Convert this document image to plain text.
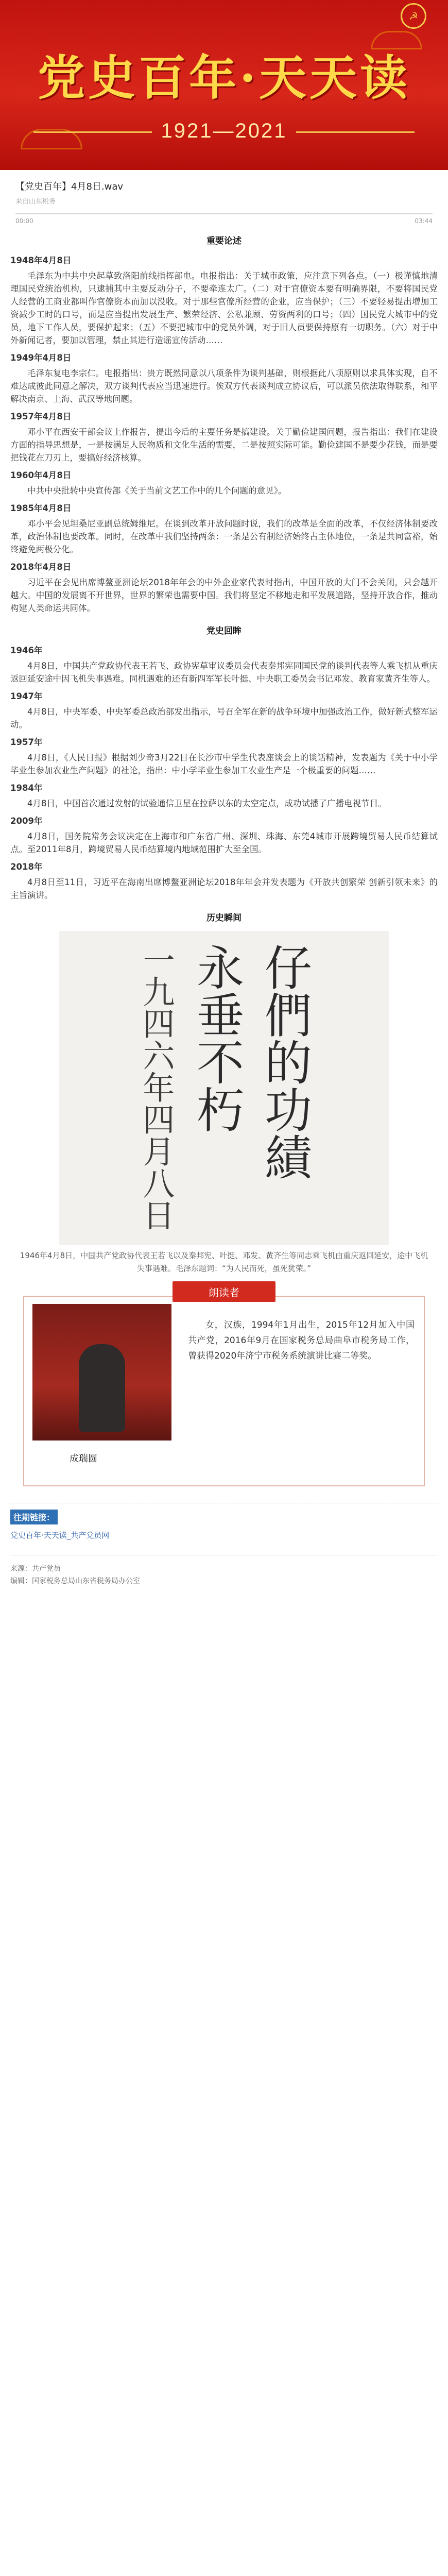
☭
党史百年·天天读
1921—2021
【党史百年】4月8日.wav
来自山东税务
00:00	03:44
重要论述

1948年4月8日

毛泽东为中共中央起草致洛阳前线指挥部电。电报指出：关于城市政策，应注意下列各点。（一）极谨慎地清理国民党统治机构，只逮捕其中主要反动分子，不要牵连太广。（二）对于官僚资本要有明确界限，不要将国民党人经营的工商业都叫作官僚资本而加以没收。对于那些官僚所经营的企业，应当保护；（三）不要轻易提出增加工资减少工时的口号，而是应当提出发展生产、繁荣经济、公私兼顾、劳资两利的口号；（四）国民党大城市中的党员，地下工作人员，要保护起来；（五）不要把城市中的党员外调，对于旧人员要保持原有一切职务。（六）对于中外新闻记者，要加以管理，禁止其进行造谣宣传活动……

1949年4月8日

毛泽东复电李宗仁。电报指出：贵方既然同意以八项条件为谈判基础，则根据此八项原则以求具体实现，自不难达成彼此同意之解决，双方谈判代表应当迅速进行。俟双方代表谈判成立协议后，可以派员依法取得联系，和平解决南京、上海、武汉等地问题。

1957年4月8日

邓小平在西安干部会议上作报告，提出今后的主要任务是搞建设。关于勤俭建国问题，报告指出：我们在建设方面的指导思想是，一是按满足人民物质和文化生活的需要，二是按照实际可能。勤俭建国不是要少花钱，而是要把钱花在刀刃上，要搞好经济核算。

1960年4月8日

中共中央批转中央宣传部《关于当前文艺工作中的几个问题的意见》。

1985年4月8日

邓小平会见坦桑尼亚副总统姆维尼。在谈到改革开放问题时说，我们的改革是全面的改革，不仅经济体制要改革，政治体制也要改革。同时，在改革中我们坚持两条：一条是公有制经济始终占主体地位，一条是共同富裕，始终避免两极分化。

2018年4月8日

习近平在会见出席博鳌亚洲论坛2018年年会的中外企业家代表时指出，中国开放的大门不会关闭，只会越开越大。中国的发展离不开世界，世界的繁荣也需要中国。我们将坚定不移地走和平发展道路，坚持开放合作，推动构建人类命运共同体。

党史回眸

1946年

4月8日，中国共产党政协代表王若飞、政协宪草审议委员会代表秦邦宪同国民党的谈判代表等人乘飞机从重庆返回延安途中因飞机失事遇难。同机遇难的还有新四军军长叶挺、中央职工委员会书记邓发、教育家黄齐生等人。

1947年

4月8日，中央军委、中央军委总政治部发出指示，号召全军在新的战争环境中加强政治工作，做好新式整军运动。

1957年

4月8日，《人民日报》根据刘少奇3月22日在长沙市中学生代表座谈会上的谈话精神，发表题为《关于中小学毕业生参加农业生产问题》的社论，指出：中小学毕业生参加工农业生产是一个极重要的问题……

1984年

4月8日，中国首次通过发射的试验通信卫星在拉萨以东的太空定点，成功试播了广播电视节目。

2009年

4月8日，国务院常务会议决定在上海市和广东省广州、深圳、珠海、东莞4城市开展跨境贸易人民币结算试点。至2011年8月，跨境贸易人民币结算境内地域范围扩大至全国。

2018年

4月8日至11日，习近平在海南出席博鳌亚洲论坛2018年年会并发表题为《开放共创繁荣 创新引领未来》的主旨演讲。

历史瞬间
一九四六年四月八日 永垂不朽 仔們的功績

1946年4月8日，中国共产党政协代表王若飞以及秦邦宪、叶挺、邓发、黄齐生等同志乘飞机由重庆返回延安，途中飞机失事遇难。毛泽东题词：“为人民而死，虽死犹荣。”

朗读者
成瑞圆
女，汉族，1994年1月出生，2015年12月加入中国共产党，2016年9月在国家税务总局曲阜市税务局工作，曾获得2020年济宁市税务系统演讲比赛二等奖。
往期链接：
党史百年·天天读_共产党员网
来源：共产党员
编辑：国家税务总局山东省税务局办公室
